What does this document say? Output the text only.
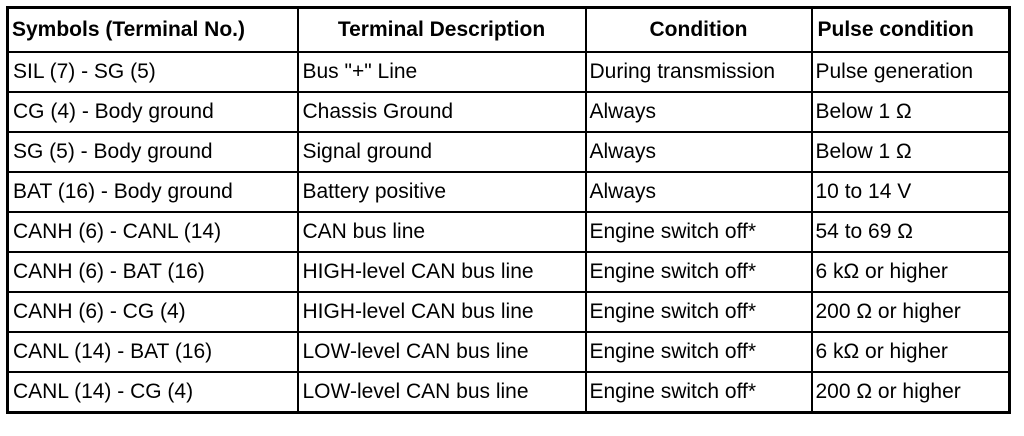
Symbols (Terminal No.)	Terminal Description	Condition	Pulse condition
SIL (7) - SG (5)	Bus "+" Line	During transmission	Pulse generation
CG (4) - Body ground	Chassis Ground	Always	Below 1 Ω
SG (5) - Body ground	Signal ground	Always	Below 1 Ω
BAT (16) - Body ground	Battery positive	Always	10 to 14 V
CANH (6) - CANL (14)	CAN bus line	Engine switch off*	54 to 69 Ω
CANH (6) - BAT (16)	HIGH-level CAN bus line	Engine switch off*	6 kΩ or higher
CANH (6) - CG (4)	HIGH-level CAN bus line	Engine switch off*	200 Ω or higher
CANL (14) - BAT (16)	LOW-level CAN bus line	Engine switch off*	6 kΩ or higher
CANL (14) - CG (4)	LOW-level CAN bus line	Engine switch off*	200 Ω or higher
